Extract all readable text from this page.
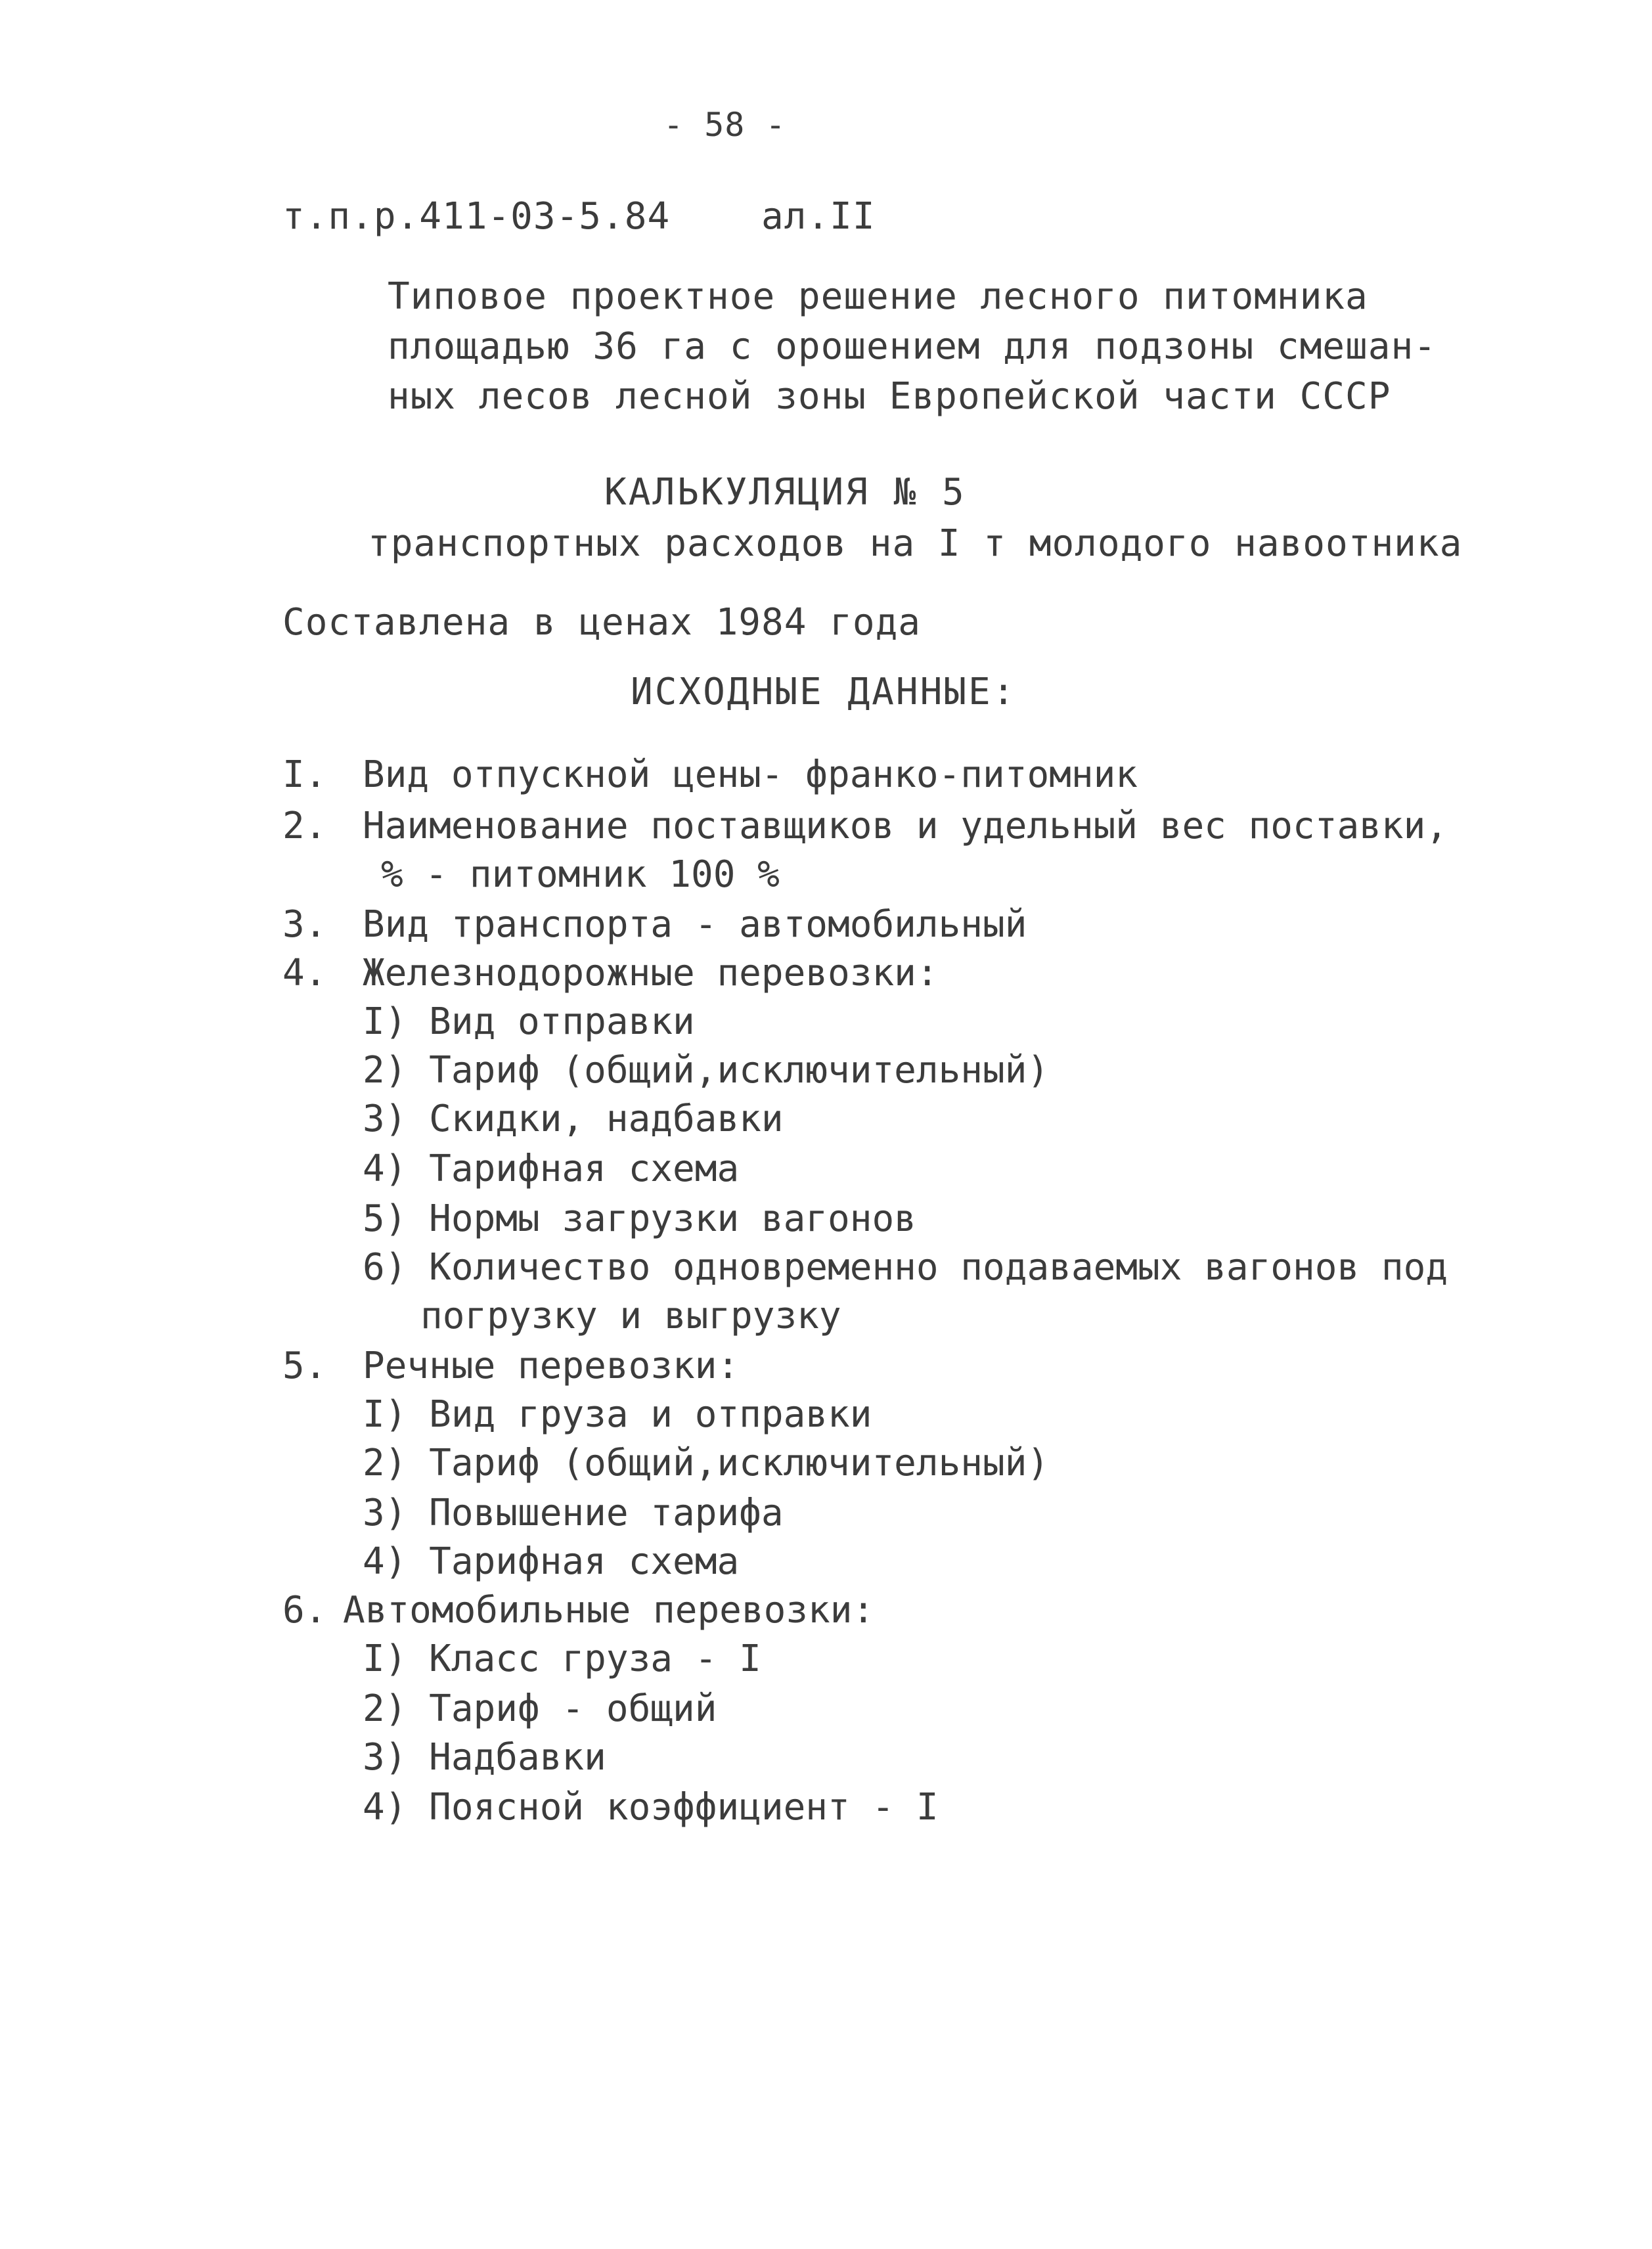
- 58 -
т.п.р.411-03-5.84    ал.II
Типовое проектное решение лесного питомника
площадью 36 га с орошением для подзоны смешан-
ных лесов лесной зоны Европейской части СССР
КАЛЬКУЛЯЦИЯ № 5
транспортных расходов на I т молодого навоотника
Составлена в ценах 1984 года
ИСХОДНЫЕ ДАННЫЕ:

I.

Вид отпускной цены- франко-питомник

2.

Наименование поставщиков и удельный вес поставки,

% - питомник 100 %

3.

Вид транспорта - автомобильный

4.

Железнодорожные перевозки:

I) Вид отправки
2) Тариф (общий,исключительный)
3) Скидки, надбавки
4) Тарифная схема
5) Нормы загрузки вагонов
6) Количество одновременно подаваемых вагонов под
погрузку и выгрузку

5.

Речные перевозки:

I) Вид груза и отправки
2) Тариф (общий,исключительный)
3) Повышение тарифа
4) Тарифная схема

6.

Автомобильные перевозки:

I) Класс груза - I
2) Тариф - общий
3) Надбавки
4) Поясной коэффициент - I
